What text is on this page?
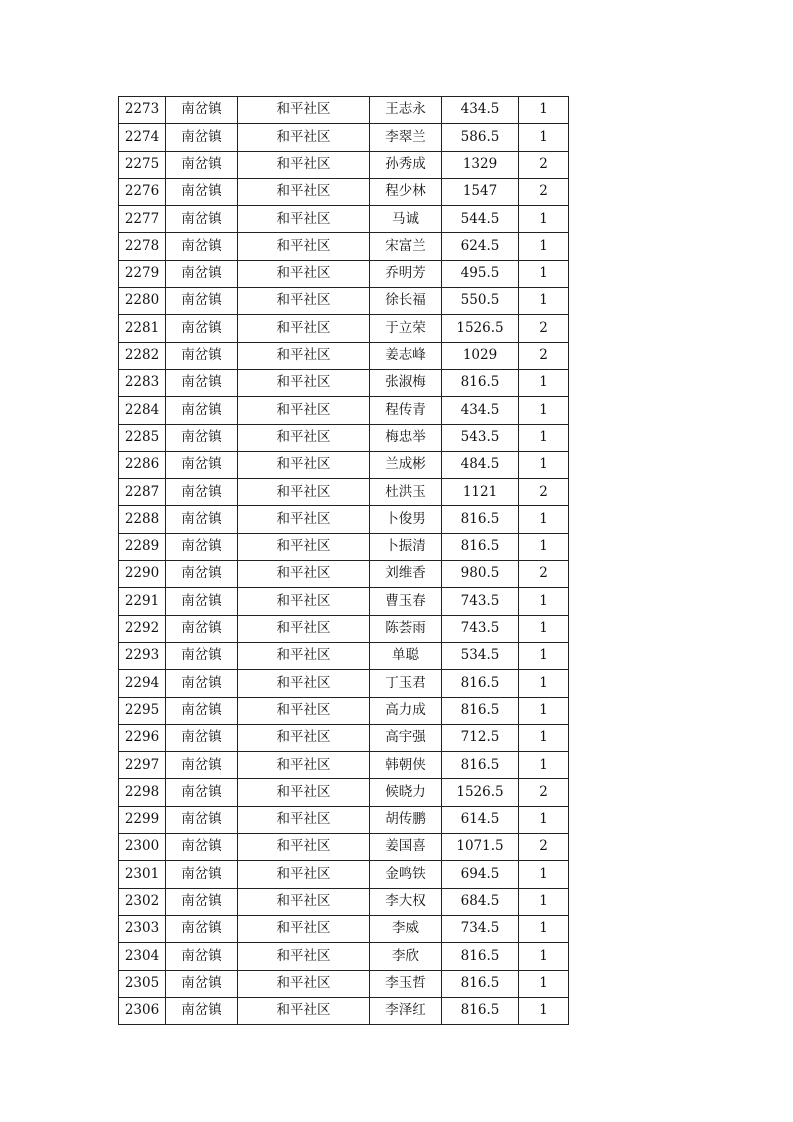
2273	南岔镇	和平社区	王志永	434.5	1
2274	南岔镇	和平社区	李翠兰	586.5	1
2275	南岔镇	和平社区	孙秀成	1329	2
2276	南岔镇	和平社区	程少林	1547	2
2277	南岔镇	和平社区	马诚	544.5	1
2278	南岔镇	和平社区	宋富兰	624.5	1
2279	南岔镇	和平社区	乔明芳	495.5	1
2280	南岔镇	和平社区	徐长福	550.5	1
2281	南岔镇	和平社区	于立荣	1526.5	2
2282	南岔镇	和平社区	姜志峰	1029	2
2283	南岔镇	和平社区	张淑梅	816.5	1
2284	南岔镇	和平社区	程传青	434.5	1
2285	南岔镇	和平社区	梅忠举	543.5	1
2286	南岔镇	和平社区	兰成彬	484.5	1
2287	南岔镇	和平社区	杜洪玉	1121	2
2288	南岔镇	和平社区	卜俊男	816.5	1
2289	南岔镇	和平社区	卜振清	816.5	1
2290	南岔镇	和平社区	刘维香	980.5	2
2291	南岔镇	和平社区	曹玉春	743.5	1
2292	南岔镇	和平社区	陈荟雨	743.5	1
2293	南岔镇	和平社区	单聪	534.5	1
2294	南岔镇	和平社区	丁玉君	816.5	1
2295	南岔镇	和平社区	高力成	816.5	1
2296	南岔镇	和平社区	高宇强	712.5	1
2297	南岔镇	和平社区	韩朝侠	816.5	1
2298	南岔镇	和平社区	候晓力	1526.5	2
2299	南岔镇	和平社区	胡传鹏	614.5	1
2300	南岔镇	和平社区	姜国喜	1071.5	2
2301	南岔镇	和平社区	金鸣铁	694.5	1
2302	南岔镇	和平社区	李大权	684.5	1
2303	南岔镇	和平社区	李威	734.5	1
2304	南岔镇	和平社区	李欣	816.5	1
2305	南岔镇	和平社区	李玉哲	816.5	1
2306	南岔镇	和平社区	李泽红	816.5	1
